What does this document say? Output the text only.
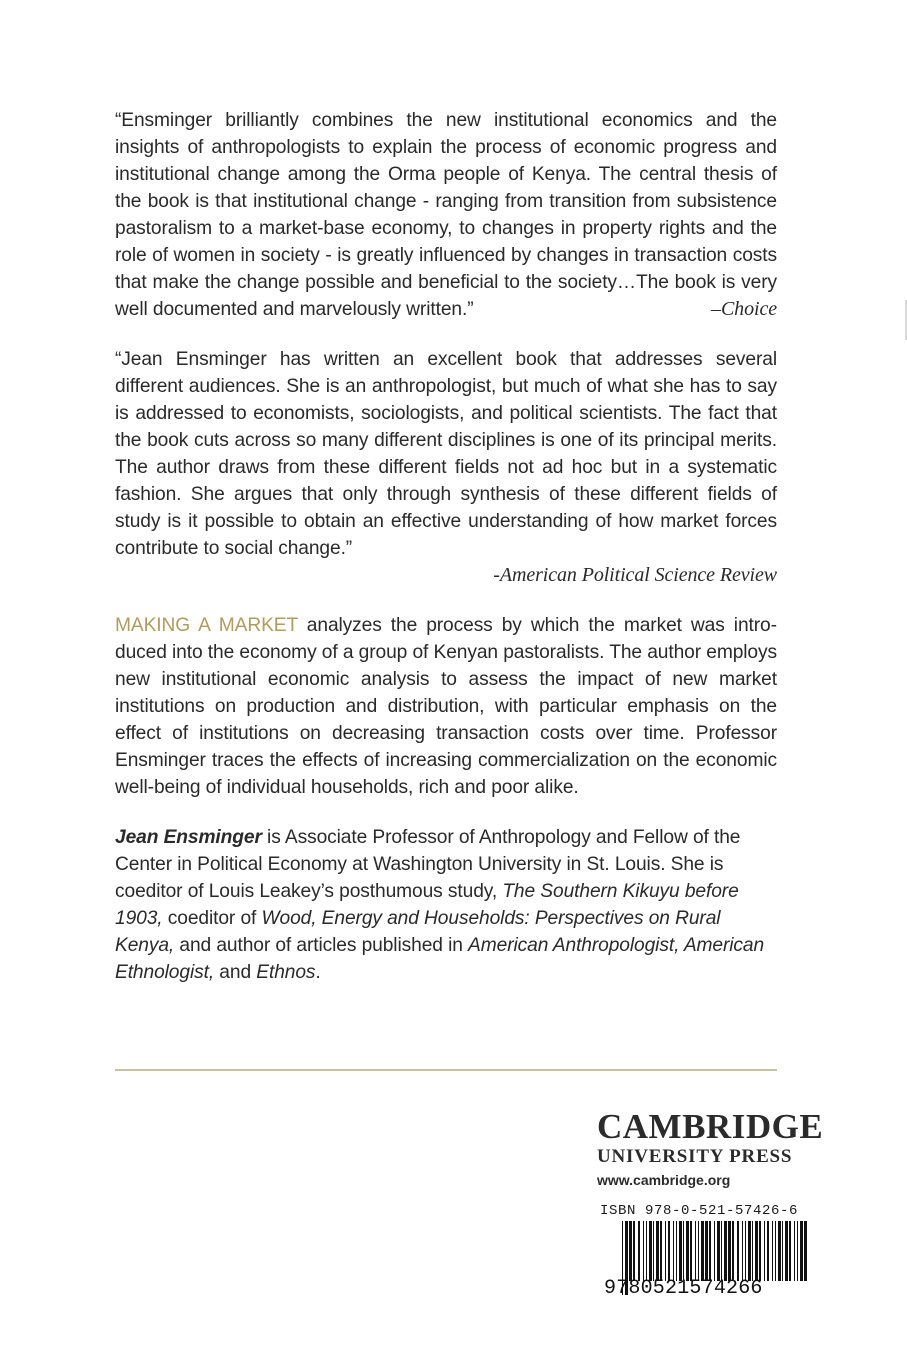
“Ensminger brilliantly combines the new institutional economics and the insights of anthropologists to explain the process of economic progress and institutional change among the Orma people of Kenya. The central thesis of the book is that institutional change - ranging from transition from subsistence pastoralism to a market-base economy, to changes in property rights and the role of women in society - is greatly influenced by changes in transaction costs that make the change possible and beneficial to the society…The book is very well documented and marvelously written.”	–Choice

“Jean Ensminger has written an excellent book that addresses several different audiences. She is an anthropologist, but much of what she has to say is addressed to economists, sociologists, and political scientists. The fact that the book cuts across so many different disciplines is one of its principal merits. The author draws from these different fields not ad hoc but in a systematic fashion. She argues that only through synthesis of these different fields of study is it possible to obtain an effective understanding of how market forces contribute to social change.”
-American Political Science Review

MAKING A MARKET analyzes the process by which the market was introduced into the economy of a group of Kenyan pastoralists. The author employs new institutional economic analysis to assess the impact of new market institutions on production and distribution, with particular emphasis on the effect of institutions on decreasing transaction costs over time. Professor Ensminger traces the effects of increasing commercialization on the economic well-being of individual households, rich and poor alike.

Jean Ensminger is Associate Professor of Anthropology and Fellow of the Center in Political Economy at Washington University in St. Louis. She is coeditor of Louis Leakey’s posthumous study, The Southern Kikuyu before 1903, coeditor of Wood, Energy and Households: Perspectives on Rural Kenya, and author of articles published in American Anthropologist, American Ethnologist, and Ethnos.

CAMBRIDGE
UNIVERSITY PRESS
www.cambridge.org
ISBN 978-0-521-57426-6
9780521574266
